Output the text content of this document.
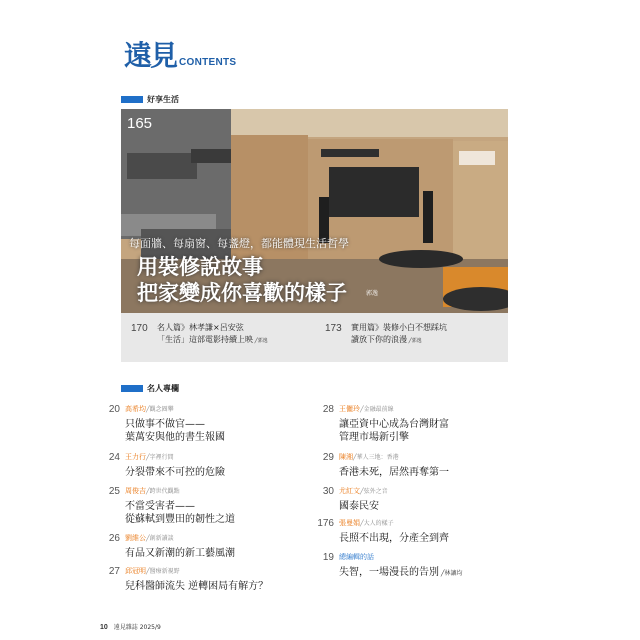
遠見 CONTENTS
好享生活
165
每面牆、每扇窗、每盞燈，都能體現生活哲學
用裝修說故事
把家變成你喜歡的樣子	郭逸
170 名人篇》林孝謙×呂安弦
「生活」這部電影持續上映 ╱郭逸
173 實用篇》裝修小白不想踩坑
讀放下你的浪漫 ╱郭逸
名人專欄
20 高希均╱觀念圈攀
只做事不做官——
葉萬安與他的書生報國
24 王力行╱字裡行間
分裂帶來不可控的危險
25 周俊吉╱跨世代觀點
不當受害者——
從蘇軾到豐田的韌性之道
26 劉維公╱創新讀談
有品又新潮的新工藝風潮
27 邱冠明╱醫療新視野
兒科醫師流失 逆轉困局有解方？
28 王儷玲╱金融最前線
讓亞資中心成為台灣財富
管理市場新引擎
29 陳湘╱華人三地：香港
香港未死，居然再奪第一
30 尤紅文╱弦外之音
國泰民安
176 張曼娟╱大人的樣子
長照不出現，分產全到齊
19 總編輯的話
失智，一場漫長的告別 ╱林讓均
10 遠見雜誌 2025/9
